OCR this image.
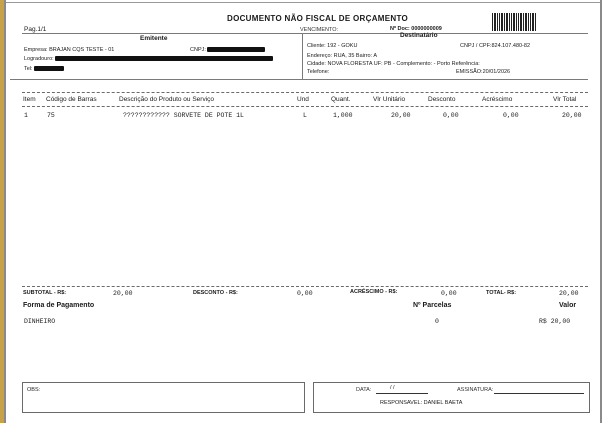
Pag.1/1
DOCUMENTO NÃO FISCAL DE ORÇAMENTO
VENCIMENTO:	Nº Doc: 0000000009
Emitente
Empresa: BRAJAN CQS TESTE - 01	CNPJ:
Logradouro:
Tel:
Destinatário
Cliente: 192 - GOKU	CNPJ / CPF:824.107.480-82
Endereço: RUA, 35 Bairro: A
Cidade: NOVA FLORESTA UF: PB - Complemento: - Porto Referência:
Telefone:	EMISSÃO:20/01/2026
Item Código de Barras	Descrição do Produto ou Serviço	Und	Quant.	Vlr Unitário	Desconto	Acréscimo	Vlr Total
1	75	???????????? SORVETE DE POTE 1L	L	1,000	20,00	0,00	0,00	20,00
SUBTOTAL - R$:	20,00	DESCONTO - R$:	0,00	ACRÉSCIMO - R$:	0,00	TOTAL- R$:	20,00
Forma de Pagamento	Nº Parcelas	Valor
DINHEIRO	0	R$ 20,00
OBS:	DATA:	/ /	ASSINATURA:
RESPONSAVEL: DANIEL BAETA
